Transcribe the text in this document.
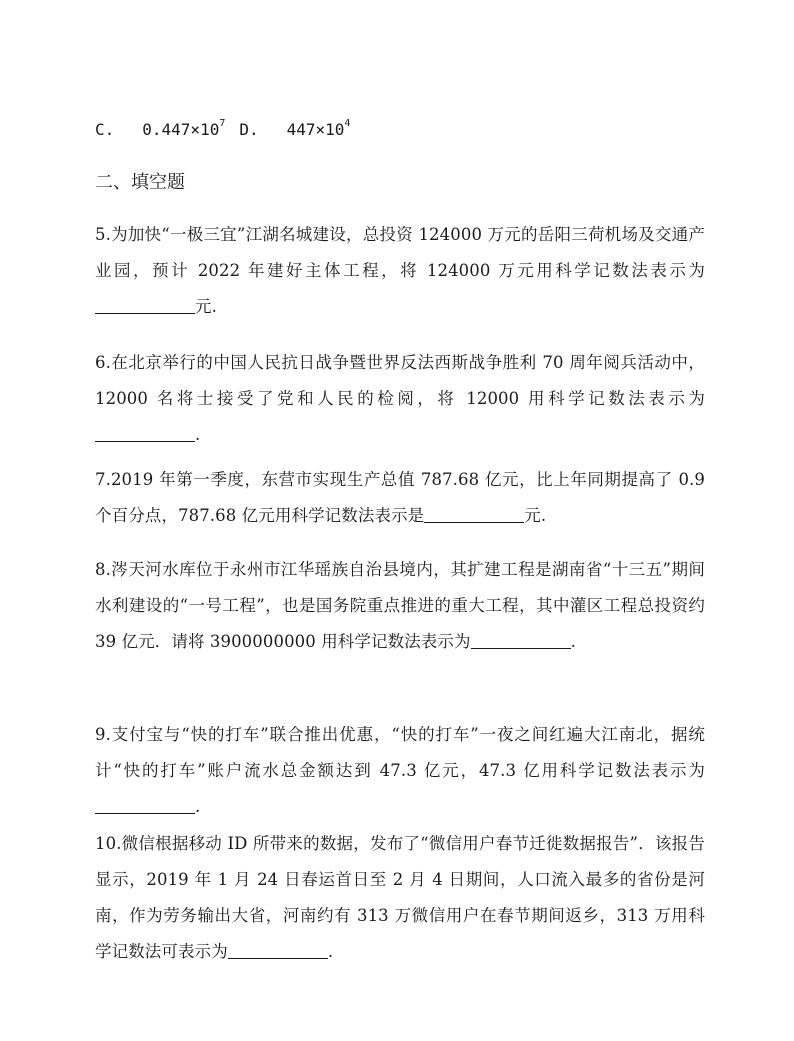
C. $0.447\times 10^7$ D. $447\times 10^4$
二、填空题
5.为加快“一极三宜”江湖名城建设，总投资 124000 万元的岳阳三荷机场及交通产业园，预计 2022 年建好主体工程，将 124000 万元用科学记数法表示为元.
6.在北京举行的中国人民抗日战争暨世界反法西斯战争胜利 70 周年阅兵活动中，12000 名将士接受了党和人民的检阅，将 12000 用科学记数法表示为.
7.2019 年第一季度，东营市实现生产总值 787.68 亿元，比上年同期提高了 0.9 个百分点，787.68 亿元用科学记数法表示是	元.
8.涔天河水库位于永州市江华瑶族自治县境内，其扩建工程是湖南省“十三五”期间水利建设的“一号工程”，也是国务院重点推进的重大工程，其中灌区工程总投资约 39 亿元．请将 3900000000 用科学记数法表示为	.
9.支付宝与“快的打车”联合推出优惠，“快的打车”一夜之间红遍大江南北，据统计“快的打车”账户流水总金额达到 47.3 亿元，47.3 亿用科学记数法表示为.
10.微信根据移动 ID 所带来的数据，发布了“微信用户春节迁徙数据报告”．该报告显示，2019 年 1 月 24 日春运首日至 2 月 4 日期间，人口流入最多的省份是河南，作为劳务输出大省，河南约有 313 万微信用户在春节期间返乡，313 万用科学记数法可表示为	.
